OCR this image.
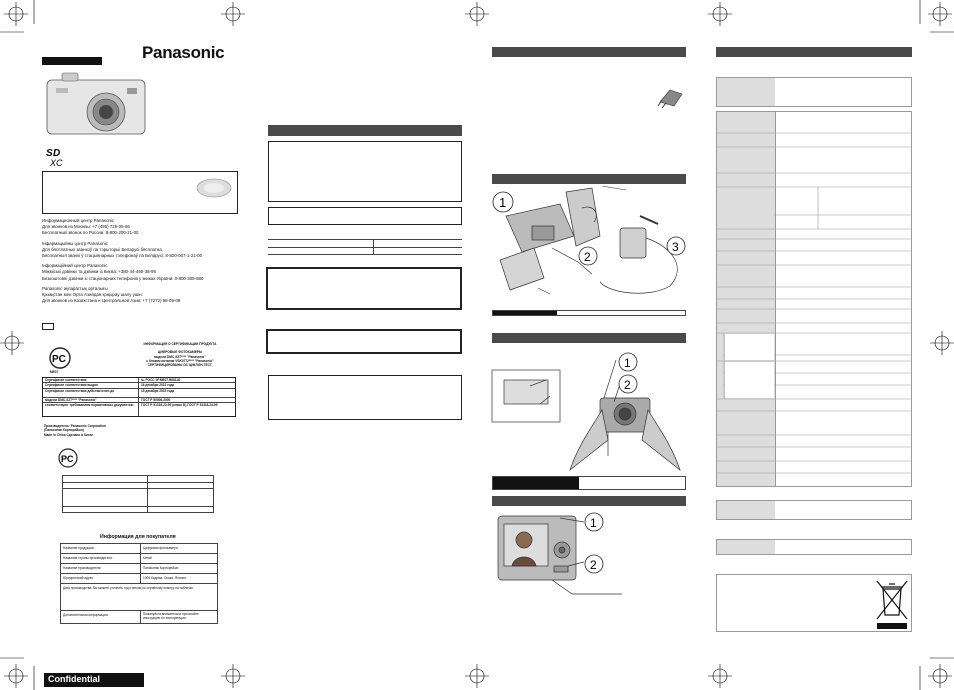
Panasonic
S D
XC
Информационный центр Panasonic
Для звонков из Москвы: +7 (495) 725-05-65
Бесплатный звонок по России: 8-800-200-21-00
Інфармацыйны цэнтр Panasonic
Для бясплатных званкоў па тэрыторыі Беларусі бясплатна,
Бясплатныя званкі ў стацыянарных тэлефонаў па Беларусі: 8-820-007-1-21-00
Інформаційний центр Panasonic
Міжміські дзвінки та дзвінки із Києва: +380-44-490-38-98
Безкоштовні дзвінки зі стаціонарних телефонів у межах України: 0-800-309-880
Panasonic ақпараттық орталығы
Қазақстан мен Орта Азиядан қоңырау шалу үшін:
Для звонков из Казахстана и Центральной Азии: +7 (7272) 98-09-09
PC
МЕ07
ИНФОРМАЦИЯ О СЕРТИФИКАЦИИ ПРОДУКТА
ЦИФРОВЫЕ ФОТОКАМЕРЫ
модели DMC-SZ7**** "Panasonic"
с блоком питания VSK0772**** "Panasonic"
СЕРТИФИЦИРОВАНЫ ОС ЦИКЛОН-ТЕСТ,
Сертификат соответствия	№ РОСС JP.ME07.B08140
Сертификат соответствия выдан	16 декабря 2013 года
Сертификат соответствия действителен до	15 декабря 2015 года
модели DMC-SZ7**** "Panasonic"	ГОСТ Р 50006-2000
соответствуют требованиям нормативных документов:	ГОСТ Р 51318.22-99 (класс Б) ГОСТ Р 51318.24-99
Производитель: Panasonic Corporation
(Панасоник Корпорэйшн)
Made in China Сделано в Китае
PC
Информация для покупателя
Название продукции:	Цифровая фотокамера
Название страны производителя:	Китай
Название производителя:	Панасоник Корпорейшн
Юридический адрес:	1006 Кадома, Осака, Япония
Дата производства: Вы можете уточнить год и месяц по серийному номеру на табличке.
Дополнительная информация:	Пожалуйста внимательно прочитайте инструкцию по эксплуатации.
Confidential
1
2
3
1
2
1
2
